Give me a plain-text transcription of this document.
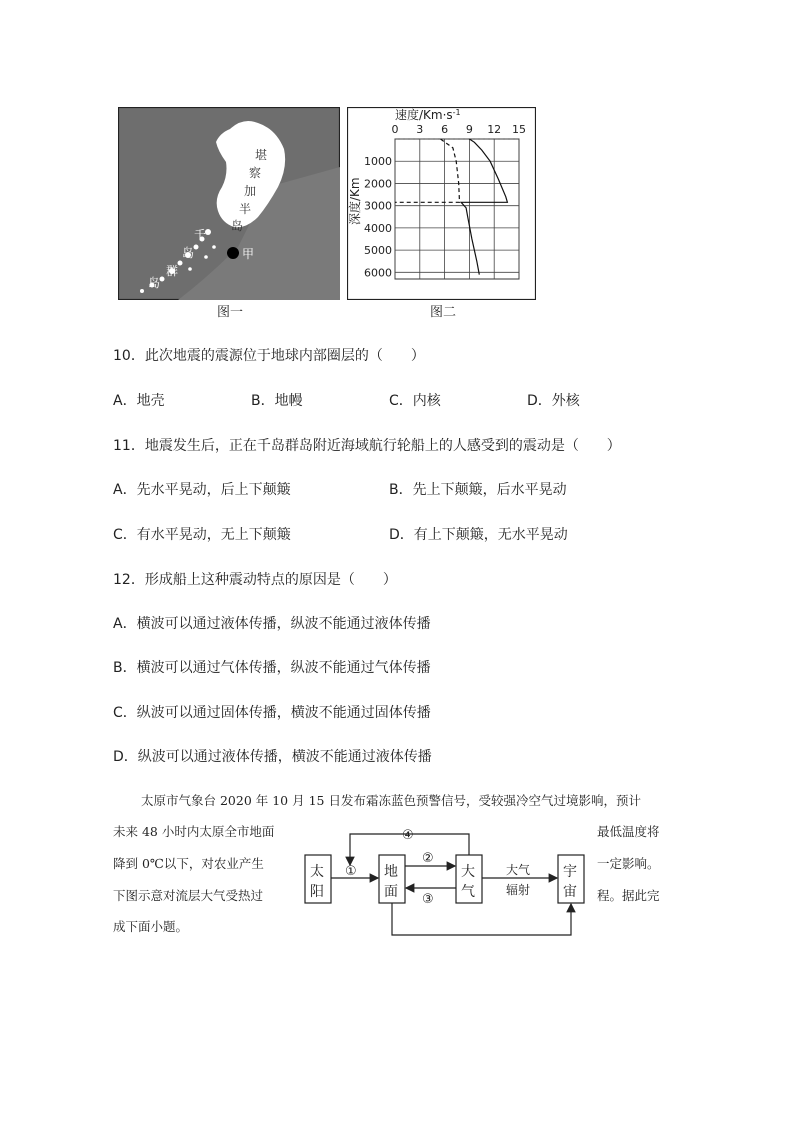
堪
察
加
半
岛
千
岛
群
岛
甲
图一
速度$/Km\cdot s^{-1}$
0 3 6 9 12 15
1000
2000
3000
4000
5000
6000
深度/Km
图二
10．此次地震的震源位于地球内部圈层的（　　）
A．地壳	B．地幔	C．内核	D．外核
11．地震发生后，正在千岛群岛附近海域航行轮船上的人感受到的震动是（　　）
A．先水平晃动，后上下颠簸	B．先上下颠簸，后水平晃动
C．有水平晃动，无上下颠簸	D．有上下颠簸，无水平晃动
12．形成船上这种震动特点的原因是（　　）
A．横波可以通过液体传播，纵波不能通过液体传播
B．横波可以通过气体传播，纵波不能通过气体传播
C．纵波可以通过固体传播，横波不能通过固体传播
D．纵波可以通过液体传播，横波不能通过液体传播
太原市气象台 2020 年 10 月 15 日发布霜冻蓝色预警信号，受较强冷空气过境影响，预计
未来 48 小时内太原全市地面
降到 0℃以下，对农业产生
下图示意对流层大气受热过
成下面小题。
最低温度将
一定影响。
程。据此完
太
阳
地
面
大
气
宇
宙
①
②
③
④
大气
辐射
